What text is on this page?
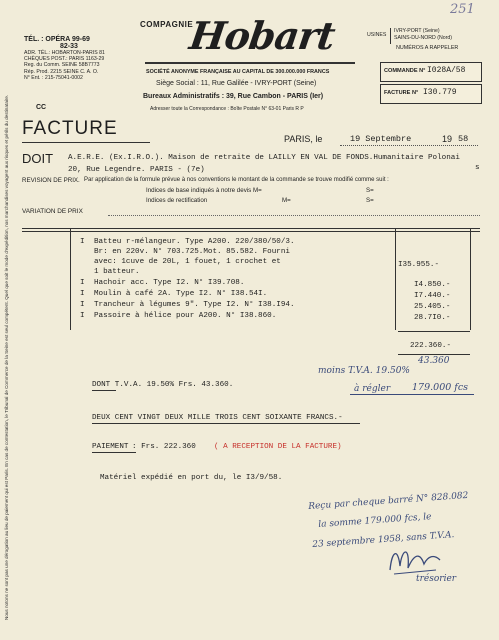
251
TÉL. : OPÉRA 99-69
82-33
ADR. TÉL.: HOBARTON-PARIS 81
CHÈQUES POST.: PARIS 1163-29
Reg. du Comm. SEINE 58B7773
Rép. Prod. 2215 SEINE C. A. O.
N° Ent. : 215-75041-0002
CC
COMPAGNIE
Hobart
SOCIÉTÉ ANONYME FRANÇAISE AU CAPITAL DE 300.000.000 FRANCS
Siège Social : 11, Rue Galilée - IVRY-PORT (Seine)
Bureaux Administratifs : 39, Rue Cambon - PARIS (Ier)
Adresser toute la Correspondance : Boîte Postale N° 63-01 Paris R P
USINES
IVRY-PORT (Seine)
SAINS-DU-NORD (Nord)
NUMÉROS A RAPPELER
COMMANDE N° I028A/58
FACTURE N° I30.779
FACTURE	PARIS, le	19 Septembre	19 58
DOIT A.E.R.E. (Ex.I.R.O.). Maison de retraite de LAILLY EN VAL DE FONDS.Humanitaire Polonai
s
20, Rue Legendre. PARIS - (7e)
REVISION DE PRIX. Par application de la formule prévue à nos conventions le montant de la commande se trouve modifié comme suit :
Indices de base indiqués à notre devis M=	S=
Indices de rectification	M=	S=
VARIATION DE PRIX
I Batteu r-mélangeur. Type A200. 220/380/50/3.
Br: en 220v. N° 703.725.Mot. 85.582. Fourni
avec: 1cuve de 20L, 1 fouet, 1 crochet et	I35.955.-
1 batteur.
I Hachoir acc. Type I2. N° I39.708.	I4.850.-
I Moulin à café 2A. Type I2. N° I38.54I.	I7.440.-
I Trancheur à légumes 9". Type I2. N° I38.I94.	25.405.-
I Passoire à hélice pour A200. N° I38.860.	28.7I0.-
222.360.-
43.360
moins T.V.A. 19.50%
à régler 179.000 fcs
DONT T.V.A. 19.50% Frs. 43.360.
DEUX CENT VINGT DEUX MILLE TROIS CENT SOIXANTE FRANCS.-
PAIEMENT : Frs. 222.360 ( A RECEPTION DE LA FACTURE)
Matériel expédié en port du, le I3/9/58.
Reçu par cheque barré N° 828.082
la somme 179.000 fcs, le
23 septembre 1958, sans T.V.A.
trésorier
Nous notons ne sont pas une dérogation au lieu de paiement qui est Paris. En cas de contestation, le Tribunal de Commerce de la Seine est seul compétent. Quel que soit le mode d'expédition, nos marchandises voyagent aux risques et périls du destinataire.
